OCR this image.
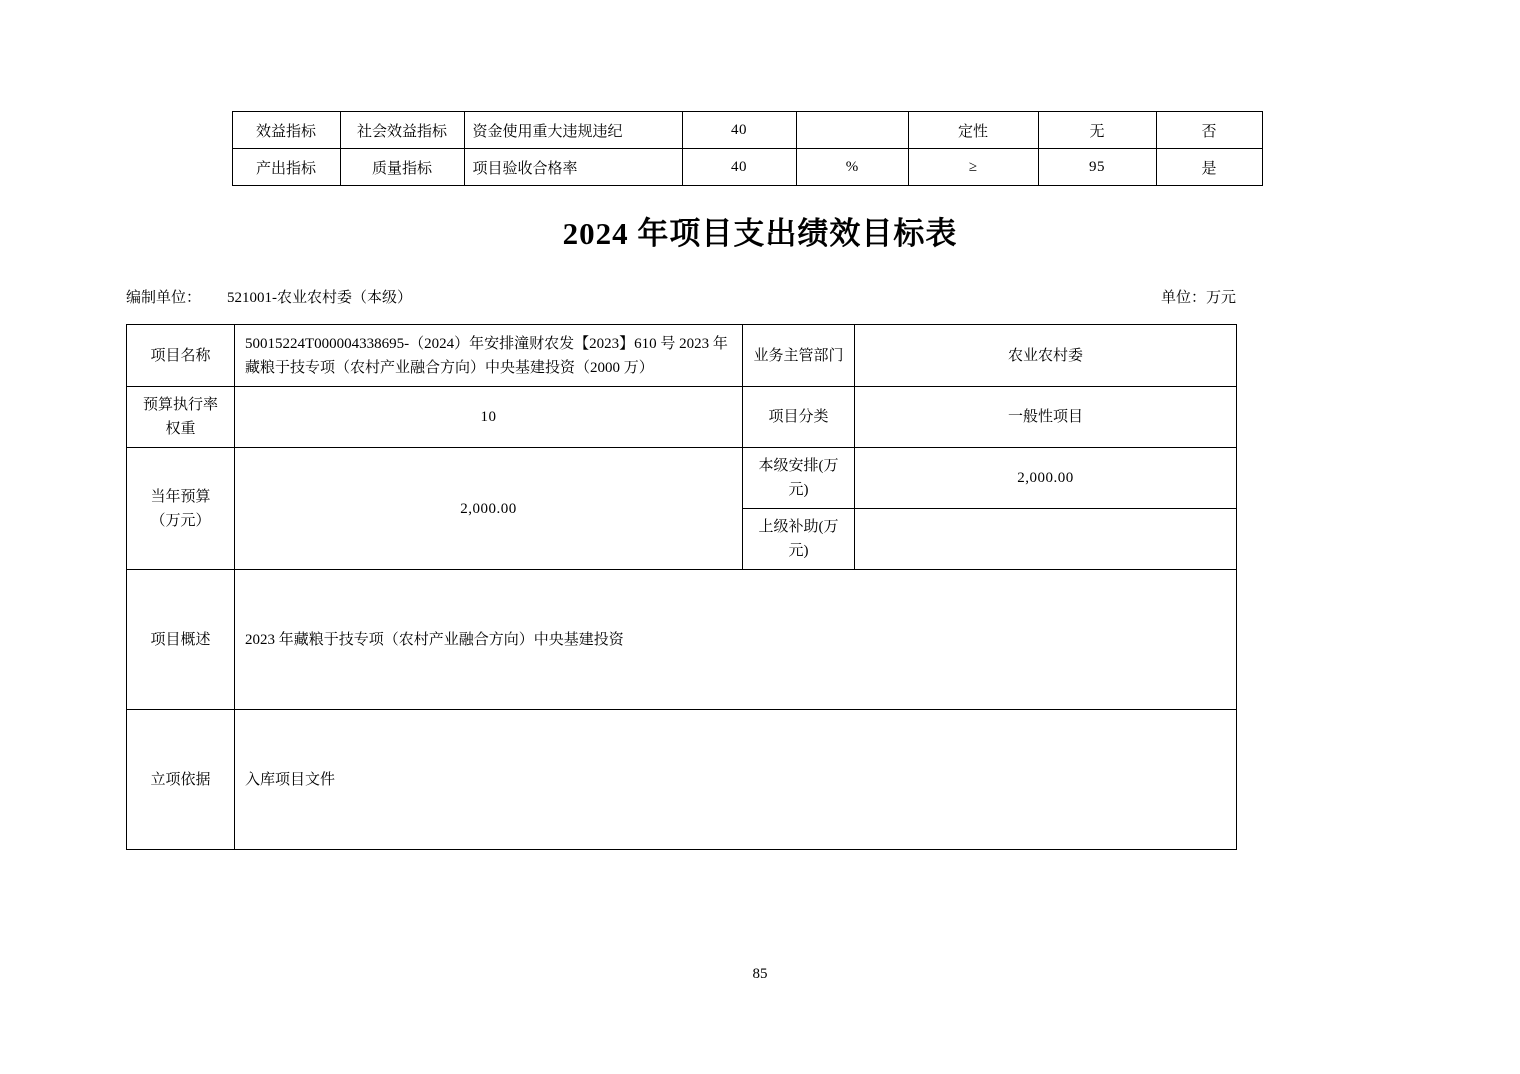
	效益指标	社会效益指标	资金使用重大违规违纪	40		定性	无	否
	产出指标	质量指标	项目验收合格率	40	%	≥	95	是
2024 年项目支出绩效目标表
编制单位： 521001-农业农村委（本级）	单位：万元
项目名称	50015224T000004338695-（2024）年安排潼财农发【2023】610 号 2023 年藏粮于技专项（农村产业融合方向）中央基建投资（2000 万）	业务主管部门	农业农村委
预算执行率权重	10	项目分类	一般性项目
当年预算（万元）	2,000.00	本级安排(万元)	2,000.00
		上级补助(万元)	
项目概述	2023 年藏粮于技专项（农村产业融合方向）中央基建投资		
立项依据	入库项目文件		
85
